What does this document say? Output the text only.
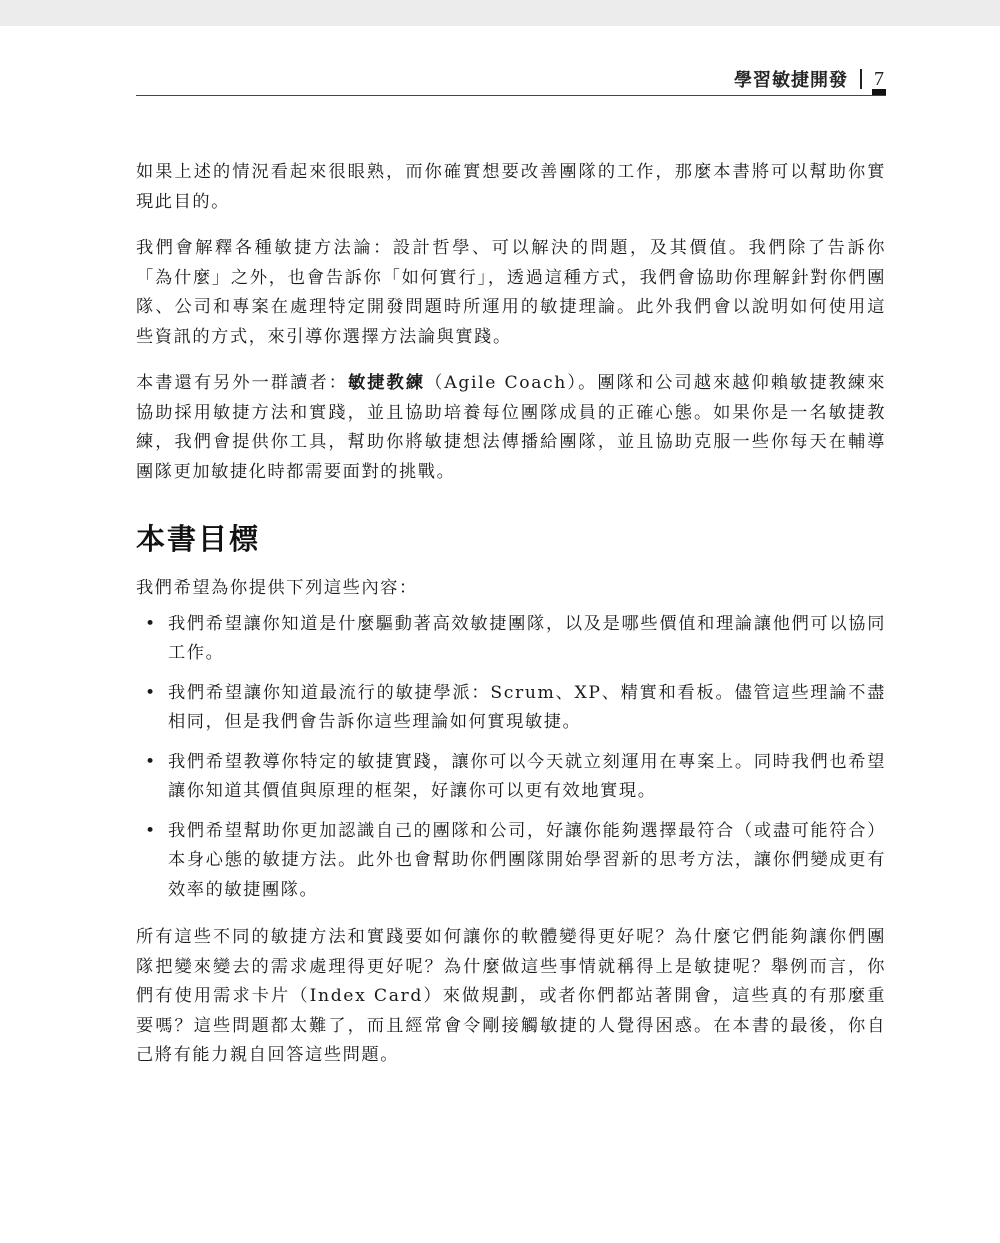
學習敏捷開發 7

如果上述的情況看起來很眼熟，而你確實想要改善團隊的工作，那麼本書將可以幫助你實現此目的。

我們會解釋各種敏捷方法論：設計哲學、可以解決的問題，及其價值。我們除了告訴你「為什麼」之外，也會告訴你「如何實行」，透過這種方式，我們會協助你理解針對你們團隊、公司和專案在處理特定開發問題時所運用的敏捷理論。此外我們會以說明如何使用這些資訊的方式，來引導你選擇方法論與實踐。

本書還有另外一群讀者：敏捷教練（Agile Coach）。團隊和公司越來越仰賴敏捷教練來協助採用敏捷方法和實踐，並且協助培養每位團隊成員的正確心態。如果你是一名敏捷教練，我們會提供你工具，幫助你將敏捷想法傳播給團隊，並且協助克服一些你每天在輔導團隊更加敏捷化時都需要面對的挑戰。

本書目標

我們希望為你提供下列這些內容：

• 我們希望讓你知道是什麼驅動著高效敏捷團隊，以及是哪些價值和理論讓他們可以協同工作。
• 我們希望讓你知道最流行的敏捷學派：Scrum、XP、精實和看板。儘管這些理論不盡相同，但是我們會告訴你這些理論如何實現敏捷。
• 我們希望教導你特定的敏捷實踐，讓你可以今天就立刻運用在專案上。同時我們也希望讓你知道其價值與原理的框架，好讓你可以更有效地實現。
• 我們希望幫助你更加認識自己的團隊和公司，好讓你能夠選擇最符合（或盡可能符合）本身心態的敏捷方法。此外也會幫助你們團隊開始學習新的思考方法，讓你們變成更有效率的敏捷團隊。

所有這些不同的敏捷方法和實踐要如何讓你的軟體變得更好呢？為什麼它們能夠讓你們團隊把變來變去的需求處理得更好呢？為什麼做這些事情就稱得上是敏捷呢？舉例而言，你們有使用需求卡片（Index Card）來做規劃，或者你們都站著開會，這些真的有那麼重要嗎？這些問題都太難了，而且經常會令剛接觸敏捷的人覺得困惑。在本書的最後，你自己將有能力親自回答這些問題。
